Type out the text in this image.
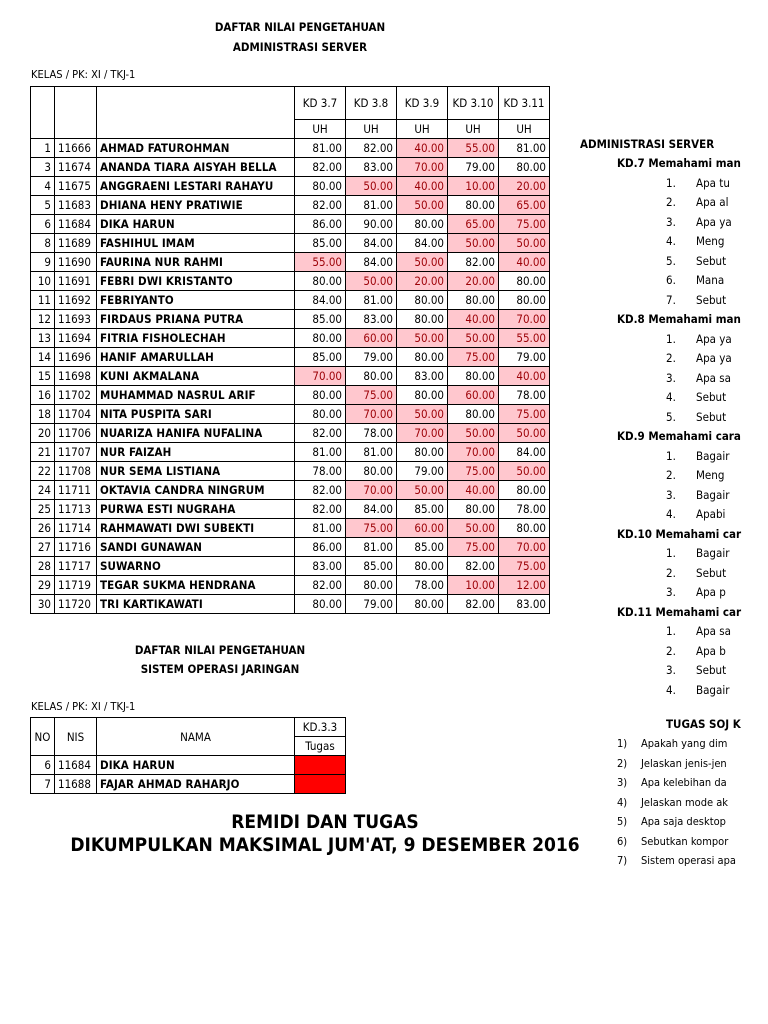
DAFTAR NILAI PENGETAHUAN
ADMINISTRASI SERVER
KELAS / PK: XI / TKJ-1
			KD 3.7	KD 3.8	KD 3.9	KD 3.10	KD 3.11
			UH	UH	UH	UH	UH
1	11666	AHMAD FATUROHMAN	81.00	82.00	40.00	55.00	81.00
3	11674	ANANDA TIARA AISYAH BELLA	82.00	83.00	70.00	79.00	80.00
4	11675	ANGGRAENI LESTARI RAHAYU	80.00	50.00	40.00	10.00	20.00
5	11683	DHIANA HENY PRATIWIE	82.00	81.00	50.00	80.00	65.00
6	11684	DIKA HARUN	86.00	90.00	80.00	65.00	75.00
8	11689	FASHIHUL IMAM	85.00	84.00	84.00	50.00	50.00
9	11690	FAURINA NUR RAHMI	55.00	84.00	50.00	82.00	40.00
10	11691	FEBRI DWI KRISTANTO	80.00	50.00	20.00	20.00	80.00
11	11692	FEBRIYANTO	84.00	81.00	80.00	80.00	80.00
12	11693	FIRDAUS PRIANA PUTRA	85.00	83.00	80.00	40.00	70.00
13	11694	FITRIA FISHOLECHAH	80.00	60.00	50.00	50.00	55.00
14	11696	HANIF AMARULLAH	85.00	79.00	80.00	75.00	79.00
15	11698	KUNI AKMALANA	70.00	80.00	83.00	80.00	40.00
16	11702	MUHAMMAD NASRUL ARIF	80.00	75.00	80.00	60.00	78.00
18	11704	NITA PUSPITA SARI	80.00	70.00	50.00	80.00	75.00
20	11706	NUARIZA HANIFA NUFALINA	82.00	78.00	70.00	50.00	50.00
21	11707	NUR FAIZAH	81.00	81.00	80.00	70.00	84.00
22	11708	NUR SEMA LISTIANA	78.00	80.00	79.00	75.00	50.00
24	11711	OKTAVIA CANDRA NINGRUM	82.00	70.00	50.00	40.00	80.00
25	11713	PURWA ESTI NUGRAHA	82.00	84.00	85.00	80.00	78.00
26	11714	RAHMAWATI DWI SUBEKTI	81.00	75.00	60.00	50.00	80.00
27	11716	SANDI GUNAWAN	86.00	81.00	85.00	75.00	70.00
28	11717	SUWARNO	83.00	85.00	80.00	82.00	75.00
29	11719	TEGAR SUKMA HENDRANA	82.00	80.00	78.00	10.00	12.00
30	11720	TRI KARTIKAWATI	80.00	79.00	80.00	82.00	83.00
DAFTAR NILAI PENGETAHUAN
SISTEM OPERASI JARINGAN
KELAS / PK: XI / TKJ-1
NO	NIS	NAMA	KD.3.3
			Tugas
6	11684	DIKA HARUN	
7	11688	FAJAR AHMAD RAHARJO	
REMIDI DAN TUGAS
DIKUMPULKAN MAKSIMAL JUM'AT, 9 DESEMBER 2016
ADMINISTRASI SERVER
KD.7 Memahami man
1. Apa tu
2. Apa al
3. Apa ya
4. Meng
5. Sebut
6. Mana
7. Sebut
KD.8 Memahami man
1. Apa ya
2. Apa ya
3. Apa sa
4. Sebut
5. Sebut
KD.9 Memahami cara
1. Bagair
2. Meng
3. Bagair
4. Apabi
KD.10 Memahami car
1. Bagair
2. Sebut
3. Apa p
KD.11 Memahami car
1. Apa sa
2. Apa b
3. Sebut
4. Bagair
TUGAS SOJ K
1) Apakah yang dim
2) Jelaskan jenis-jen
3) Apa kelebihan da
4) Jelaskan mode ak
5) Apa saja desktop
6) Sebutkan kompor
7) Sistem operasi apa
